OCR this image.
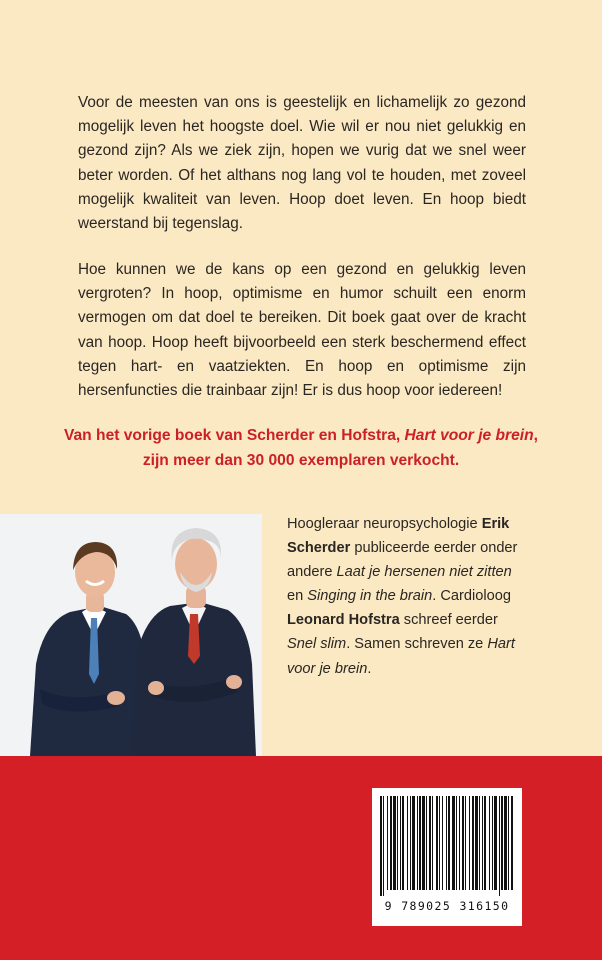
Voor de meesten van ons is geestelijk en lichamelijk zo gezond mogelijk leven het hoogste doel. Wie wil er nou niet gelukkig en gezond zijn? Als we ziek zijn, hopen we vurig dat we snel weer beter worden. Of het althans nog lang vol te houden, met zoveel mogelijk kwaliteit van leven. Hoop doet leven. En hoop biedt weerstand bij tegenslag.

Hoe kunnen we de kans op een gezond en gelukkig leven vergroten? In hoop, optimisme en humor schuilt een enorm vermogen om dat doel te bereiken. Dit boek gaat over de kracht van hoop. Hoop heeft bijvoorbeeld een sterk beschermend effect tegen hart- en vaatziekten. En hoop en optimisme zijn hersenfuncties die trainbaar zijn! Er is dus hoop voor iedereen!

Van het vorige boek van Scherder en Hofstra, Hart voor je brein, zijn meer dan 30 000 exemplaren verkocht.

Hoogleraar neuropsychologie Erik Scherder publiceerde eerder onder andere Laat je hersenen niet zitten en Singing in the brain. Cardioloog Leonard Hofstra schreef eerder Snel slim. Samen schreven ze Hart voor je brein.

9 789025 316150
